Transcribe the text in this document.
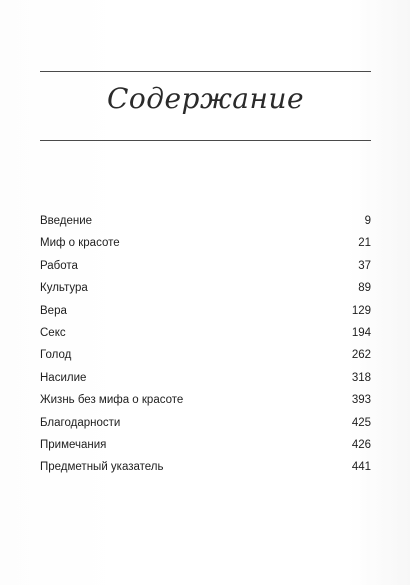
Содержание
Введение	9
Миф о красоте	21
Работа	37
Культура	89
Вера	129
Секс	194
Голод	262
Насилие	318
Жизнь без мифа о красоте	393
Благодарности	425
Примечания	426
Предметный указатель	441
